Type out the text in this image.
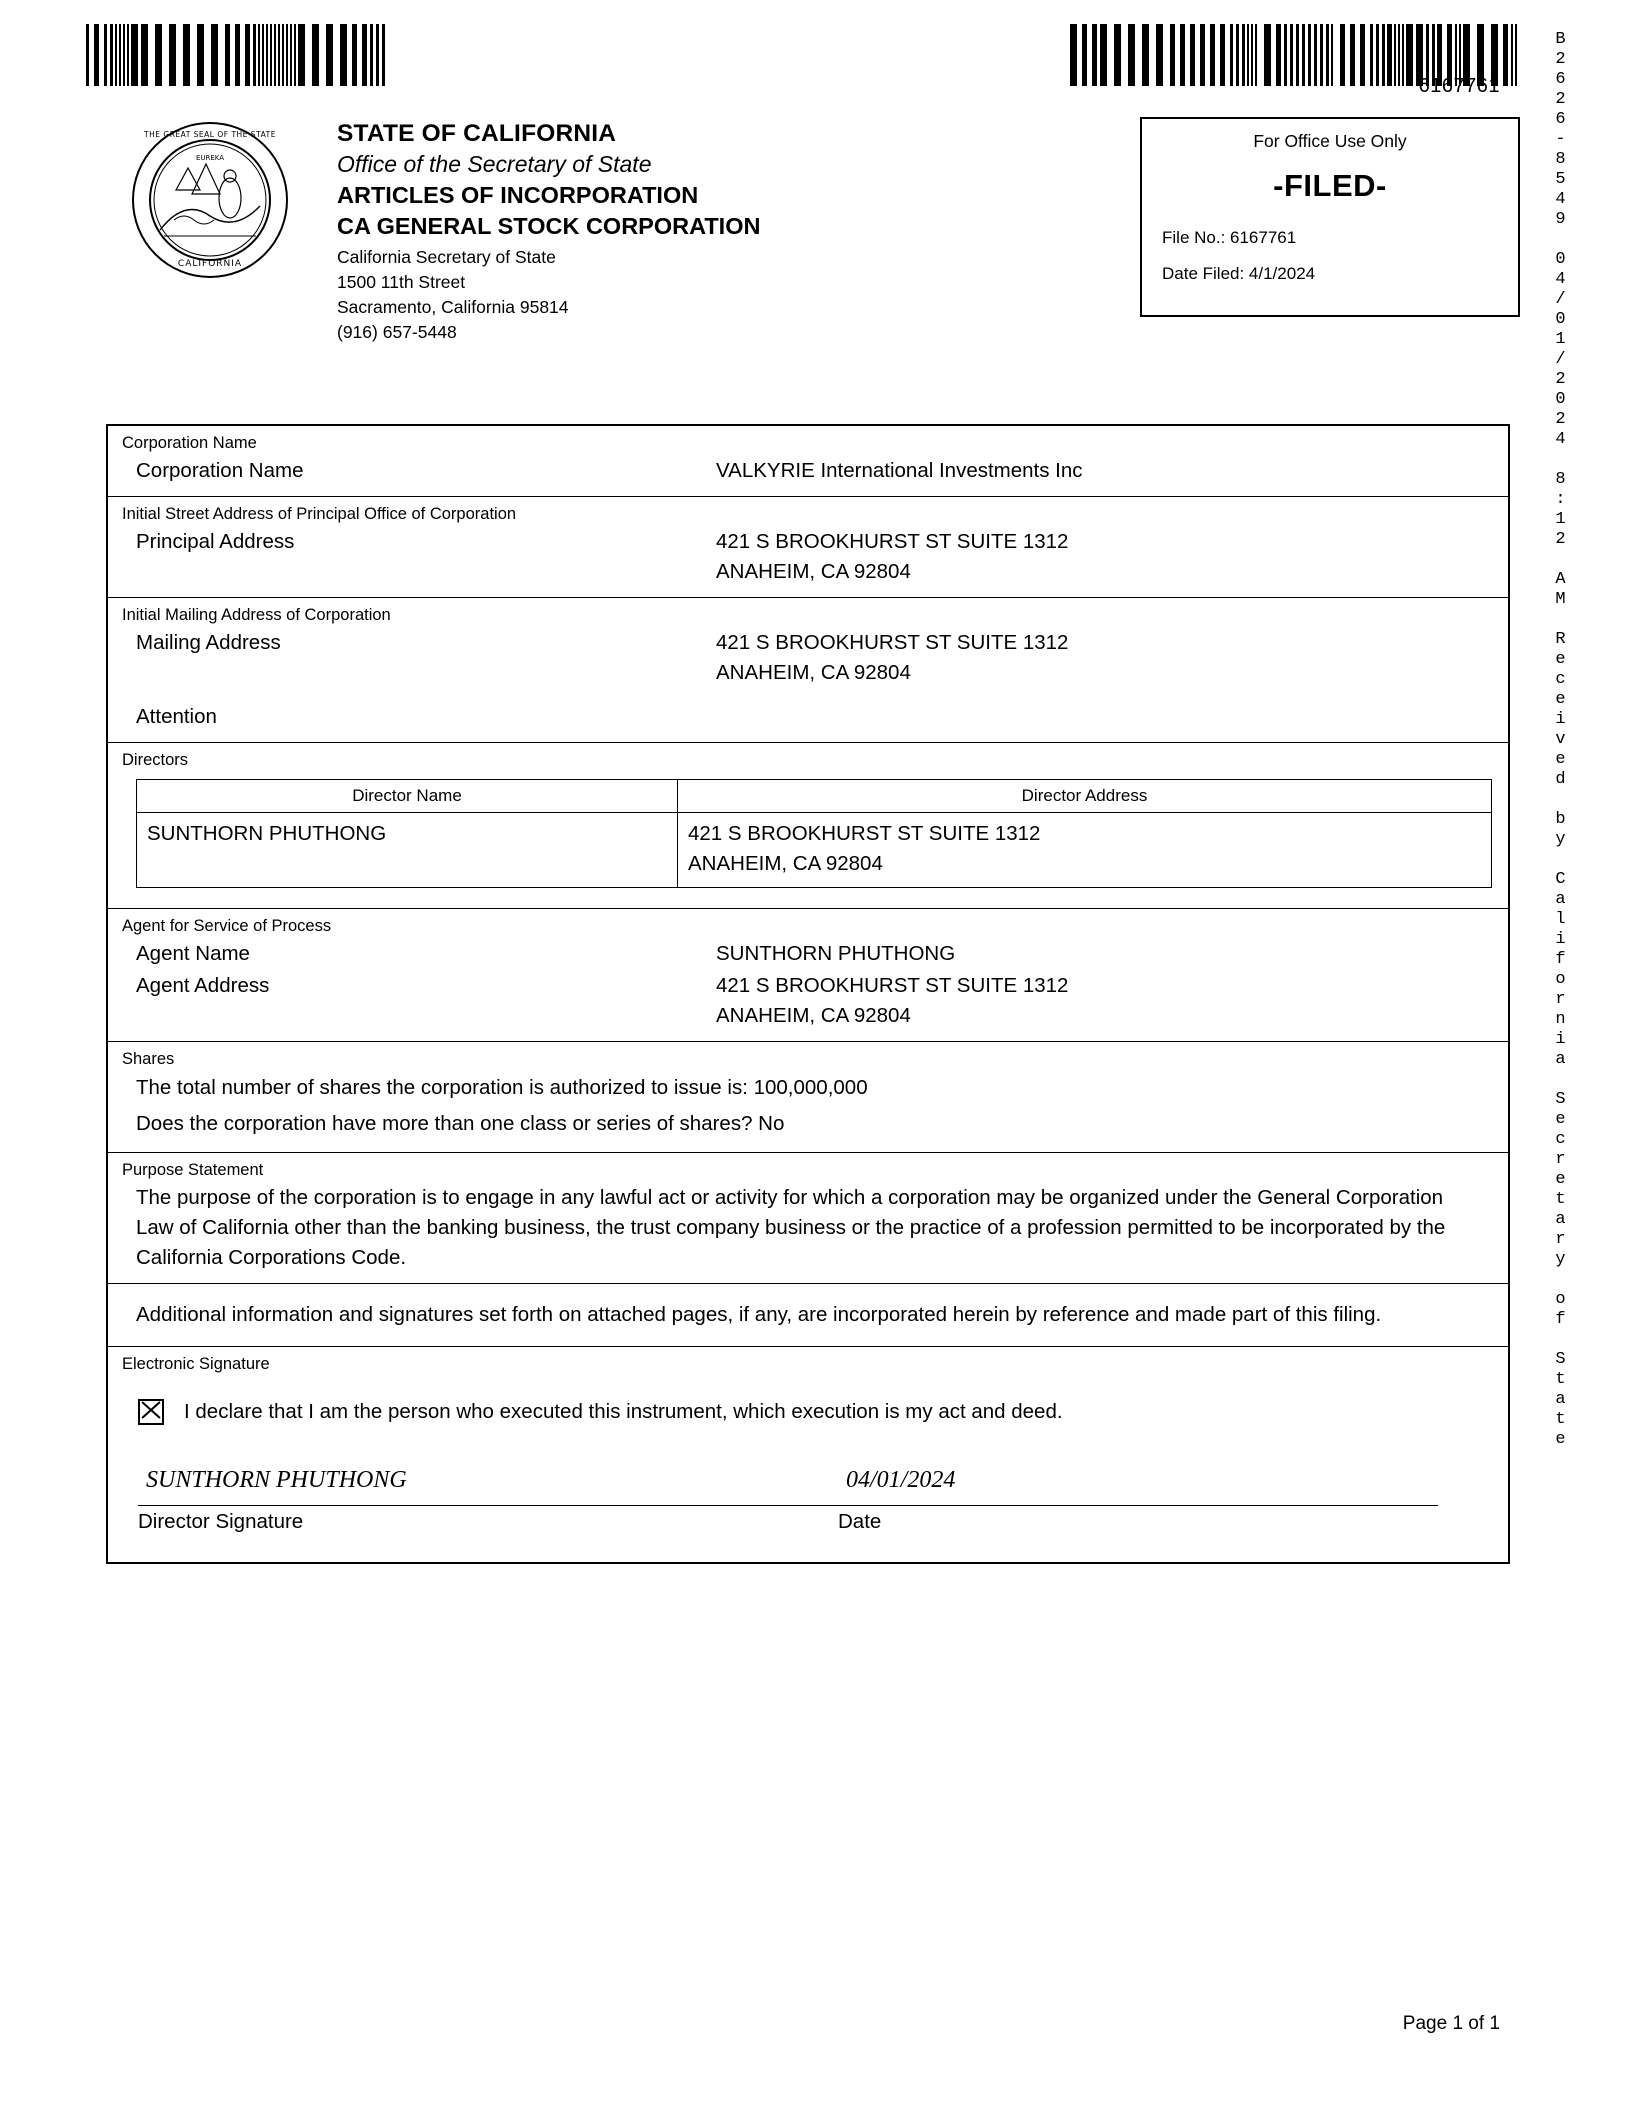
6167761	B2626-8549 04/01/2024 8:12 AM Received by California Secretary of State
EUREKA
CALIFORNIA
THE GREAT SEAL OF THE STATE STATE OF CALIFORNIA
Office of the Secretary of State
ARTICLES OF INCORPORATION
CA GENERAL STOCK CORPORATION
California Secretary of State
1500 11th Street
Sacramento, California 95814
(916) 657-5448
For Office Use Only
-FILED-
File No.: 6167761
Date Filed: 4/1/2024
Corporation Name
Corporation Name	VALKYRIE International Investments Inc
Initial Street Address of Principal Office of Corporation
Principal Address	421 S BROOKHURST ST SUITE 1312
ANAHEIM, CA 92804
Initial Mailing Address of Corporation
Mailing Address	421 S BROOKHURST ST SUITE 1312
ANAHEIM, CA 92804
Attention
Directors
Director Name	Director Address
SUNTHORN PHUTHONG	421 S BROOKHURST ST SUITE 1312
ANAHEIM, CA 92804
Agent for Service of Process
Agent Name	SUNTHORN PHUTHONG
Agent Address	421 S BROOKHURST ST SUITE 1312
ANAHEIM, CA 92804
Shares
The total number of shares the corporation is authorized to issue is: 100,000,000
Does the corporation have more than one class or series of shares? No
Purpose Statement
The purpose of the corporation is to engage in any lawful act or activity for which a corporation may be organized under the General Corporation Law of California other than the banking business, the trust company business or the practice of a profession permitted to be incorporated by the California Corporations Code.
Additional information and signatures set forth on attached pages, if any, are incorporated herein by reference and made part of this filing.
Electronic Signature
I declare that I am the person who executed this instrument, which execution is my act and deed.
SUNTHORN PHUTHONG
Director Signature
04/01/2024
Date
Page 1 of 1
